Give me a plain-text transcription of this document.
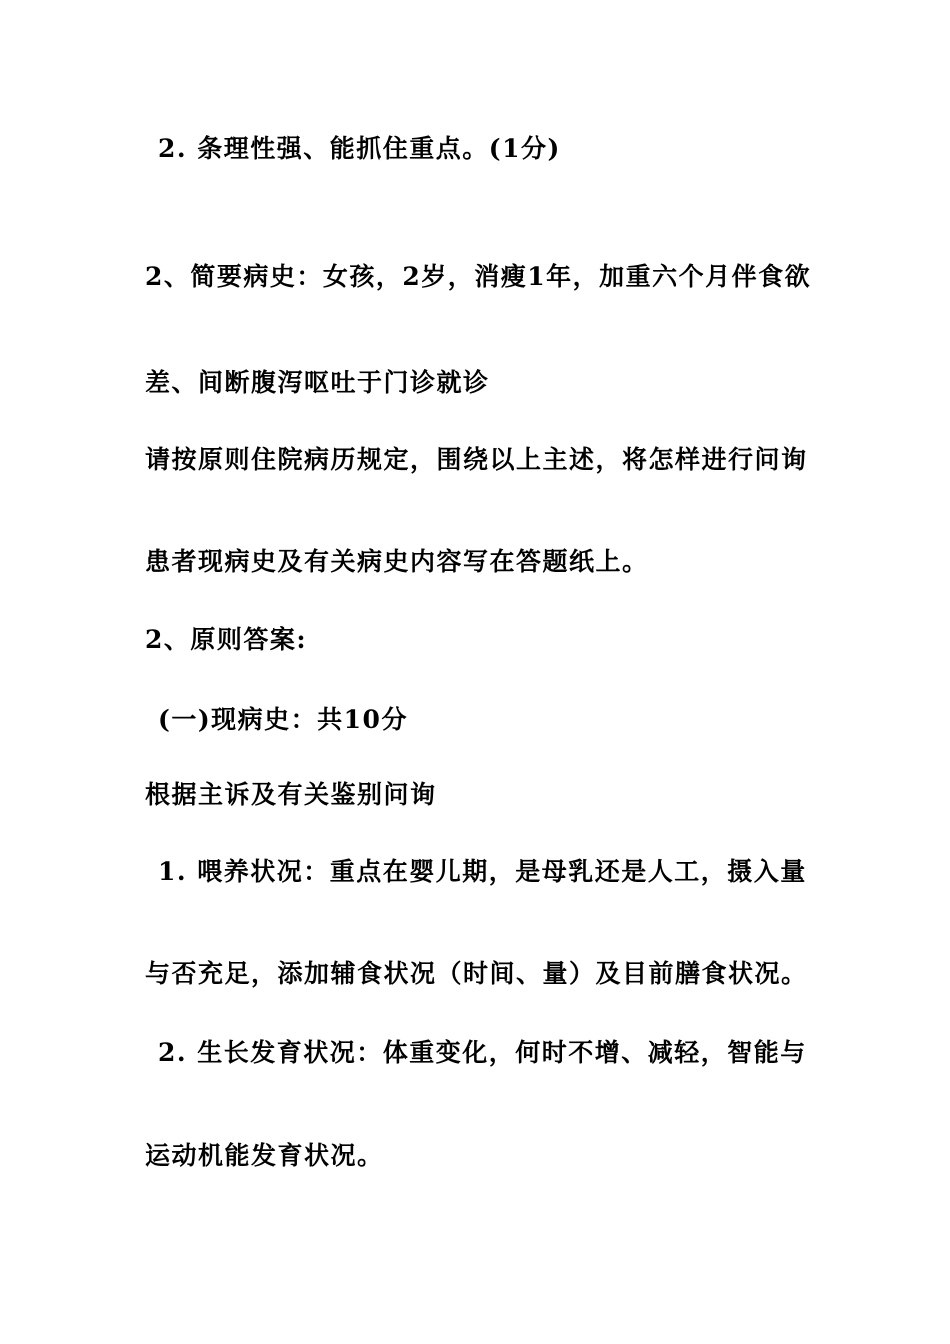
2. 条理性强、能抓住重点。(1分)
2、简要病史：女孩，2岁，消瘦1年，加重六个月伴食欲
差、间断腹泻呕吐于门诊就诊
请按原则住院病历规定，围绕以上主述，将怎样进行问询
患者现病史及有关病史内容写在答题纸上。
2、原则答案:
(一)现病史：共10分
根据主诉及有关鉴别问询
1. 喂养状况：重点在婴儿期，是母乳还是人工，摄入量
与否充足，添加辅食状况（时间、量）及目前膳食状况。
2. 生长发育状况：体重变化，何时不增、减轻，智能与
运动机能发育状况。
